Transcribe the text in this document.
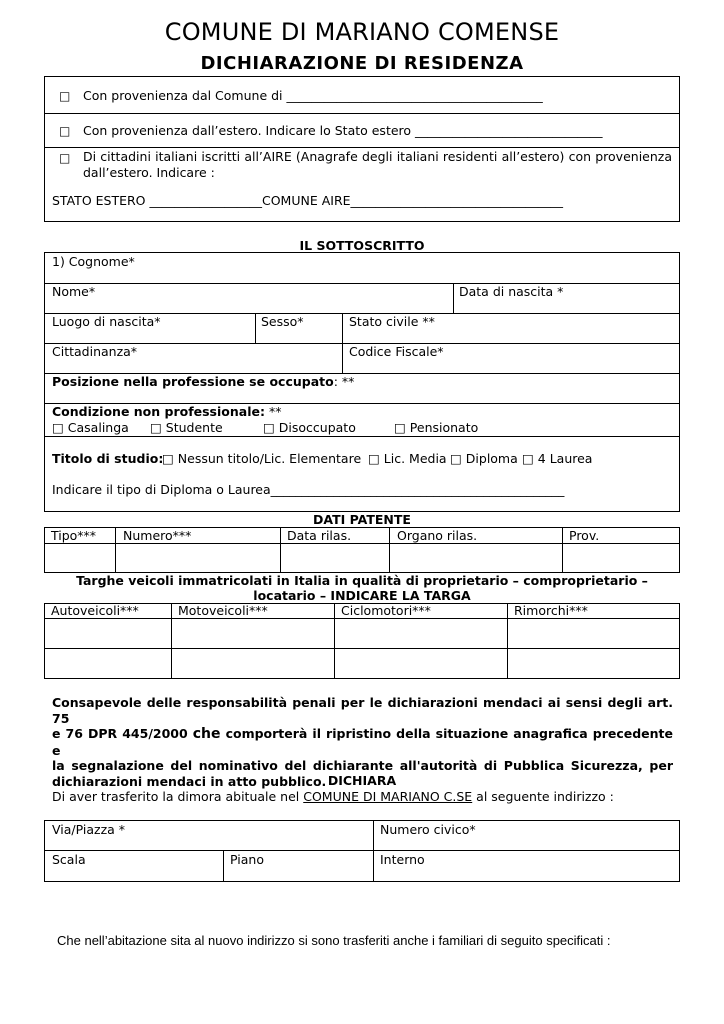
COMUNE DI MARIANO COMENSE
DICHIARAZIONE DI RESIDENZA
□ Con provenienza dal Comune di _________________________________________
□ Con provenienza dall’estero. Indicare lo Stato estero ______________________________
□ Di cittadini italiani iscritti all’AIRE (Anagrafe degli italiani residenti all’estero) con provenienza dall’estero. Indicare :
STATO ESTERO __________________COMUNE AIRE__________________________________
IL SOTTOSCRITTO
1) Cognome*
Nome*	Data di nascita *
Luogo di nascita*	Sesso*	Stato civile **
Cittadinanza*	Codice Fiscale*
Posizione nella professione se occupato: **
Condizione non professionale: **
□ Casalinga □ Studente	□ Disoccupato	□ Pensionato
Titolo di studio:
□ Nessun titolo/Lic. Elementare □ Lic. Media □ Diploma □ 4 Laurea
Indicare il tipo di Diploma o Laurea_______________________________________________
DATI PATENTE
Tipo*** Numero***	Data rilas.	Organo rilas.	Prov.
Targhe veicoli immatricolati in Italia in qualità di proprietario – comproprietario –
locatario – INDICARE LA TARGA
Autoveicoli***	Motoveicoli***	Ciclomotori***	Rimorchi***
Consapevole delle responsabilità penali per le dichiarazioni mendaci ai sensi degli art. 75
e 76 DPR 445/2000 che comporterà il ripristino della situazione anagrafica precedente e
la segnalazione del nominativo del dichiarante all'autorità di Pubblica Sicurezza, per
dichiarazioni mendaci in atto pubblico. DICHIARA
Di aver trasferito la dimora abituale nel COMUNE DI MARIANO C.SE al seguente indirizzo :
Via/Piazza *	Numero civico*
Scala	Piano	Interno
Che nell’abitazione sita al nuovo indirizzo si sono trasferiti anche i familiari di seguito specificati :
